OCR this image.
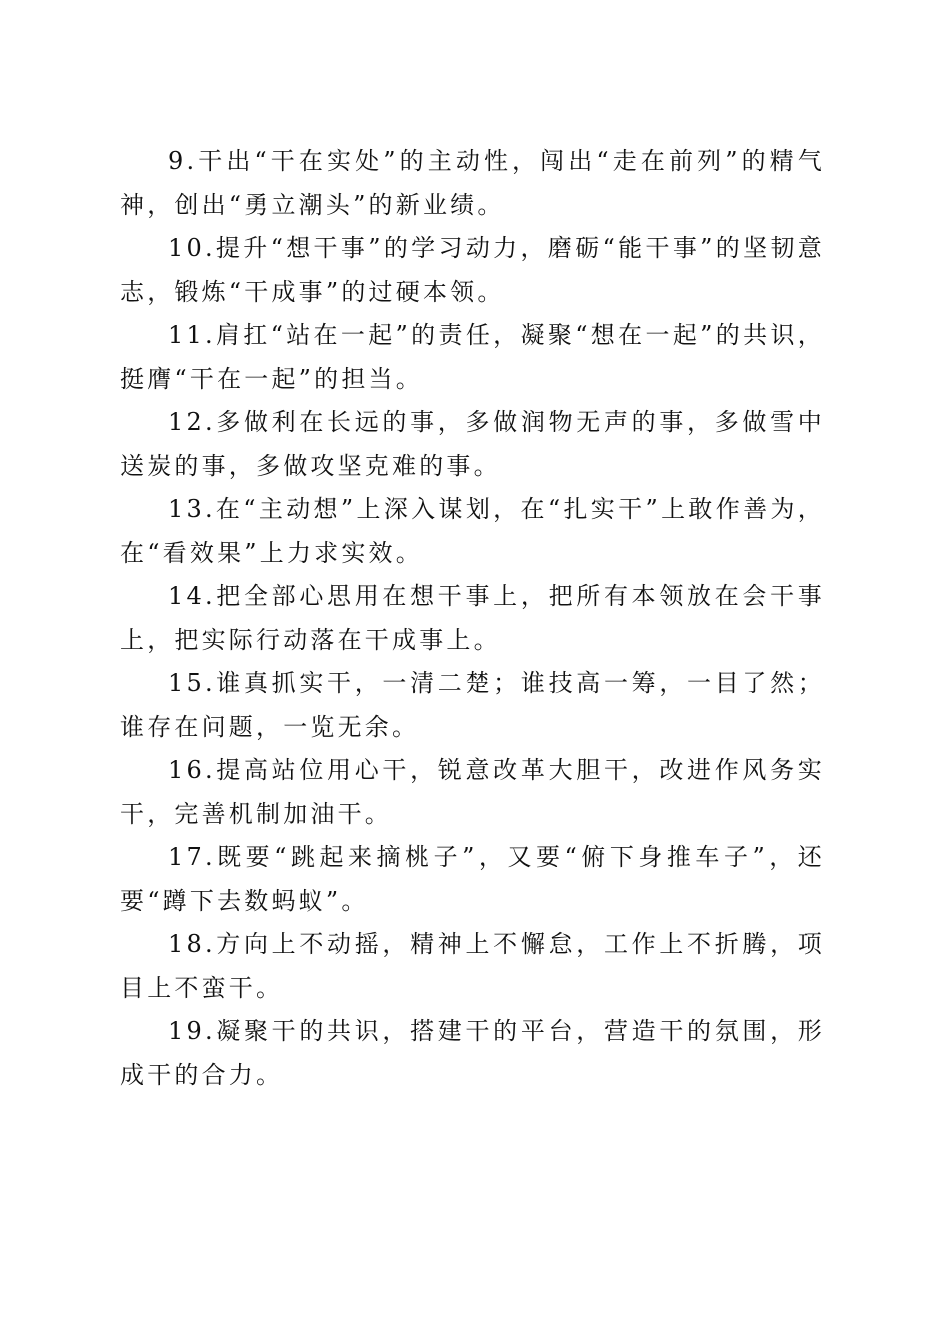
9.干出“干在实处”的主动性，闯出“走在前列”的精气神，创出“勇立潮头”的新业绩。

10.提升“想干事”的学习动力，磨砺“能干事”的坚韧意志，锻炼“干成事”的过硬本领。

11.肩扛“站在一起”的责任，凝聚“想在一起”的共识，挺膺“干在一起”的担当。

12.多做利在长远的事，多做润物无声的事，多做雪中送炭的事，多做攻坚克难的事。

13.在“主动想”上深入谋划，在“扎实干”上敢作善为，在“看效果”上力求实效。

14.把全部心思用在想干事上，把所有本领放在会干事上，把实际行动落在干成事上。

15.谁真抓实干，一清二楚；谁技高一筹，一目了然；谁存在问题，一览无余。

16.提高站位用心干，锐意改革大胆干，改进作风务实干，完善机制加油干。

17.既要“跳起来摘桃子”，又要“俯下身推车子”，还要“蹲下去数蚂蚁”。

18.方向上不动摇，精神上不懈怠，工作上不折腾，项目上不蛮干。

19.凝聚干的共识，搭建干的平台，营造干的氛围，形成干的合力。
